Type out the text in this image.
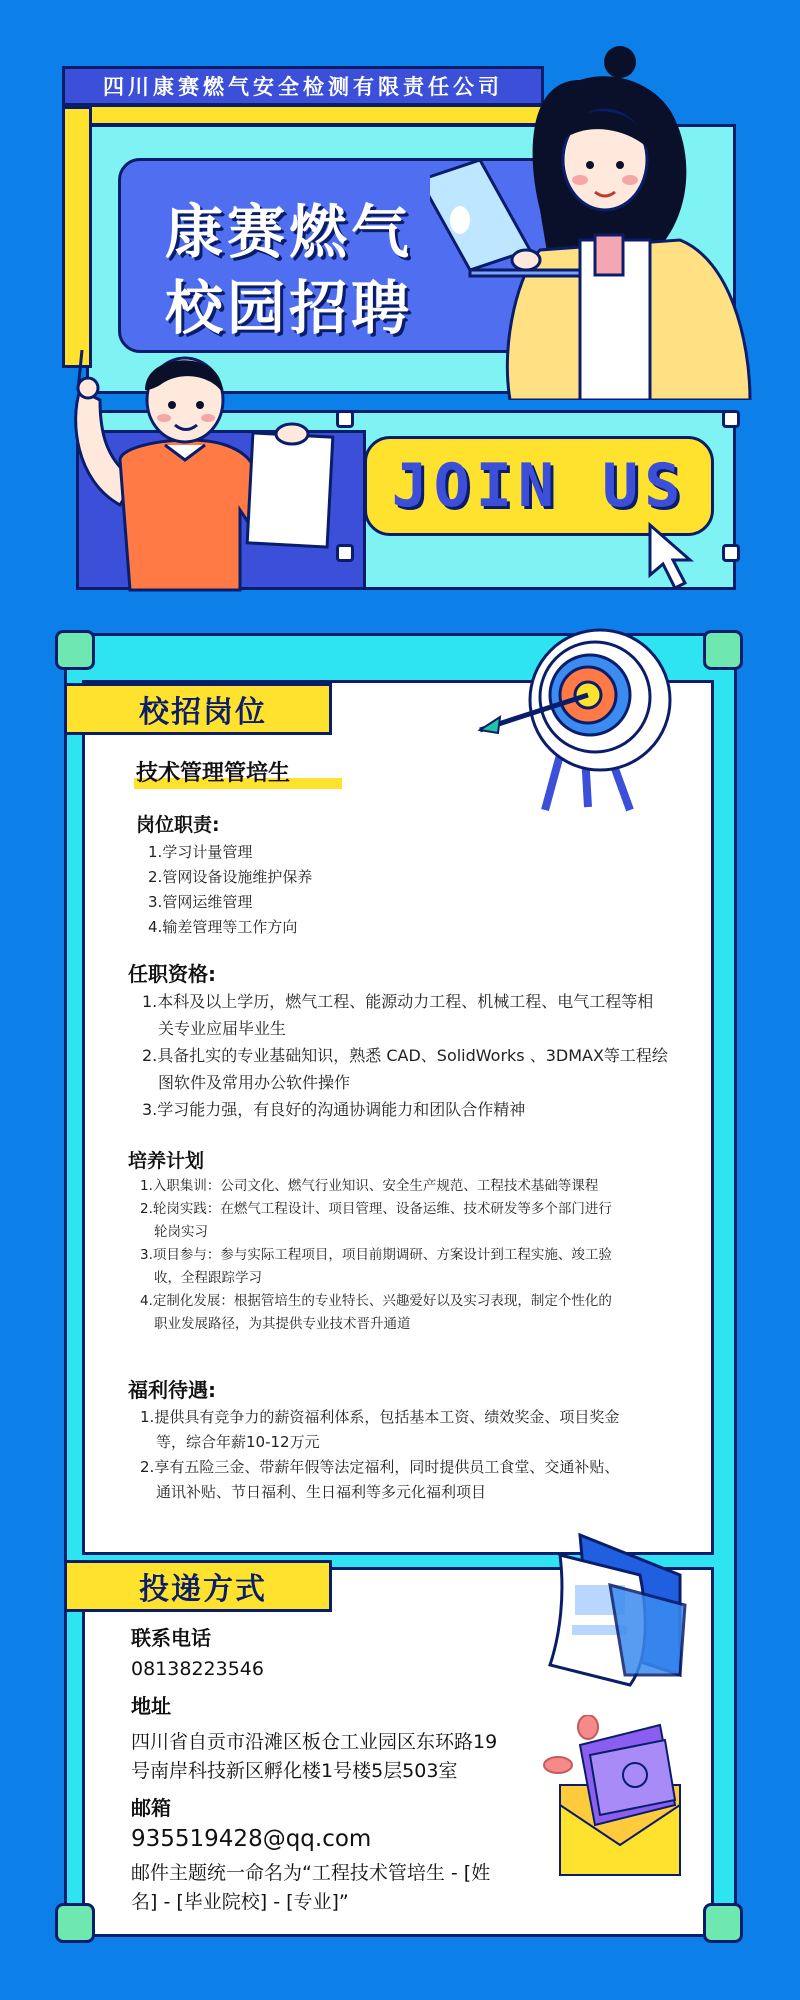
四川康赛燃气安全检测有限责任公司
康赛燃气
校园招聘
JOIN US
校招岗位
技术管理管培生
岗位职责:
1.学习计量管理
2.管网设备设施维护保养
3.管网运维管理
4.输差管理等工作方向
任职资格:
1.本科及以上学历，燃气工程、能源动力工程、机械工程、电气工程等相
关专业应届毕业生
2.具备扎实的专业基础知识，熟悉 CAD、SolidWorks 、3DMAX等工程绘
图软件及常用办公软件操作
3.学习能力强，有良好的沟通协调能力和团队合作精神
培养计划
1.入职集训：公司文化、燃气行业知识、安全生产规范、工程技术基础等课程
2.轮岗实践：在燃气工程设计、项目管理、设备运维、技术研发等多个部门进行
轮岗实习
3.项目参与：参与实际工程项目，项目前期调研、方案设计到工程实施、竣工验
收，全程跟踪学习
4.定制化发展：根据管培生的专业特长、兴趣爱好以及实习表现，制定个性化的
职业发展路径，为其提供专业技术晋升通道
福利待遇:
1.提供具有竞争力的薪资福利体系，包括基本工资、绩效奖金、项目奖金
等，综合年薪10-12万元
2.享有五险三金、带薪年假等法定福利，同时提供员工食堂、交通补贴、
通讯补贴、节日福利、生日福利等多元化福利项目
投递方式
联系电话
08138223546
地址
四川省自贡市沿滩区板仓工业园区东环路19
号南岸科技新区孵化楼1号楼5层503室
邮箱
935519428@qq.com
邮件主题统一命名为“工程技术管培生 - [姓
名] - [毕业院校] - [专业]”
